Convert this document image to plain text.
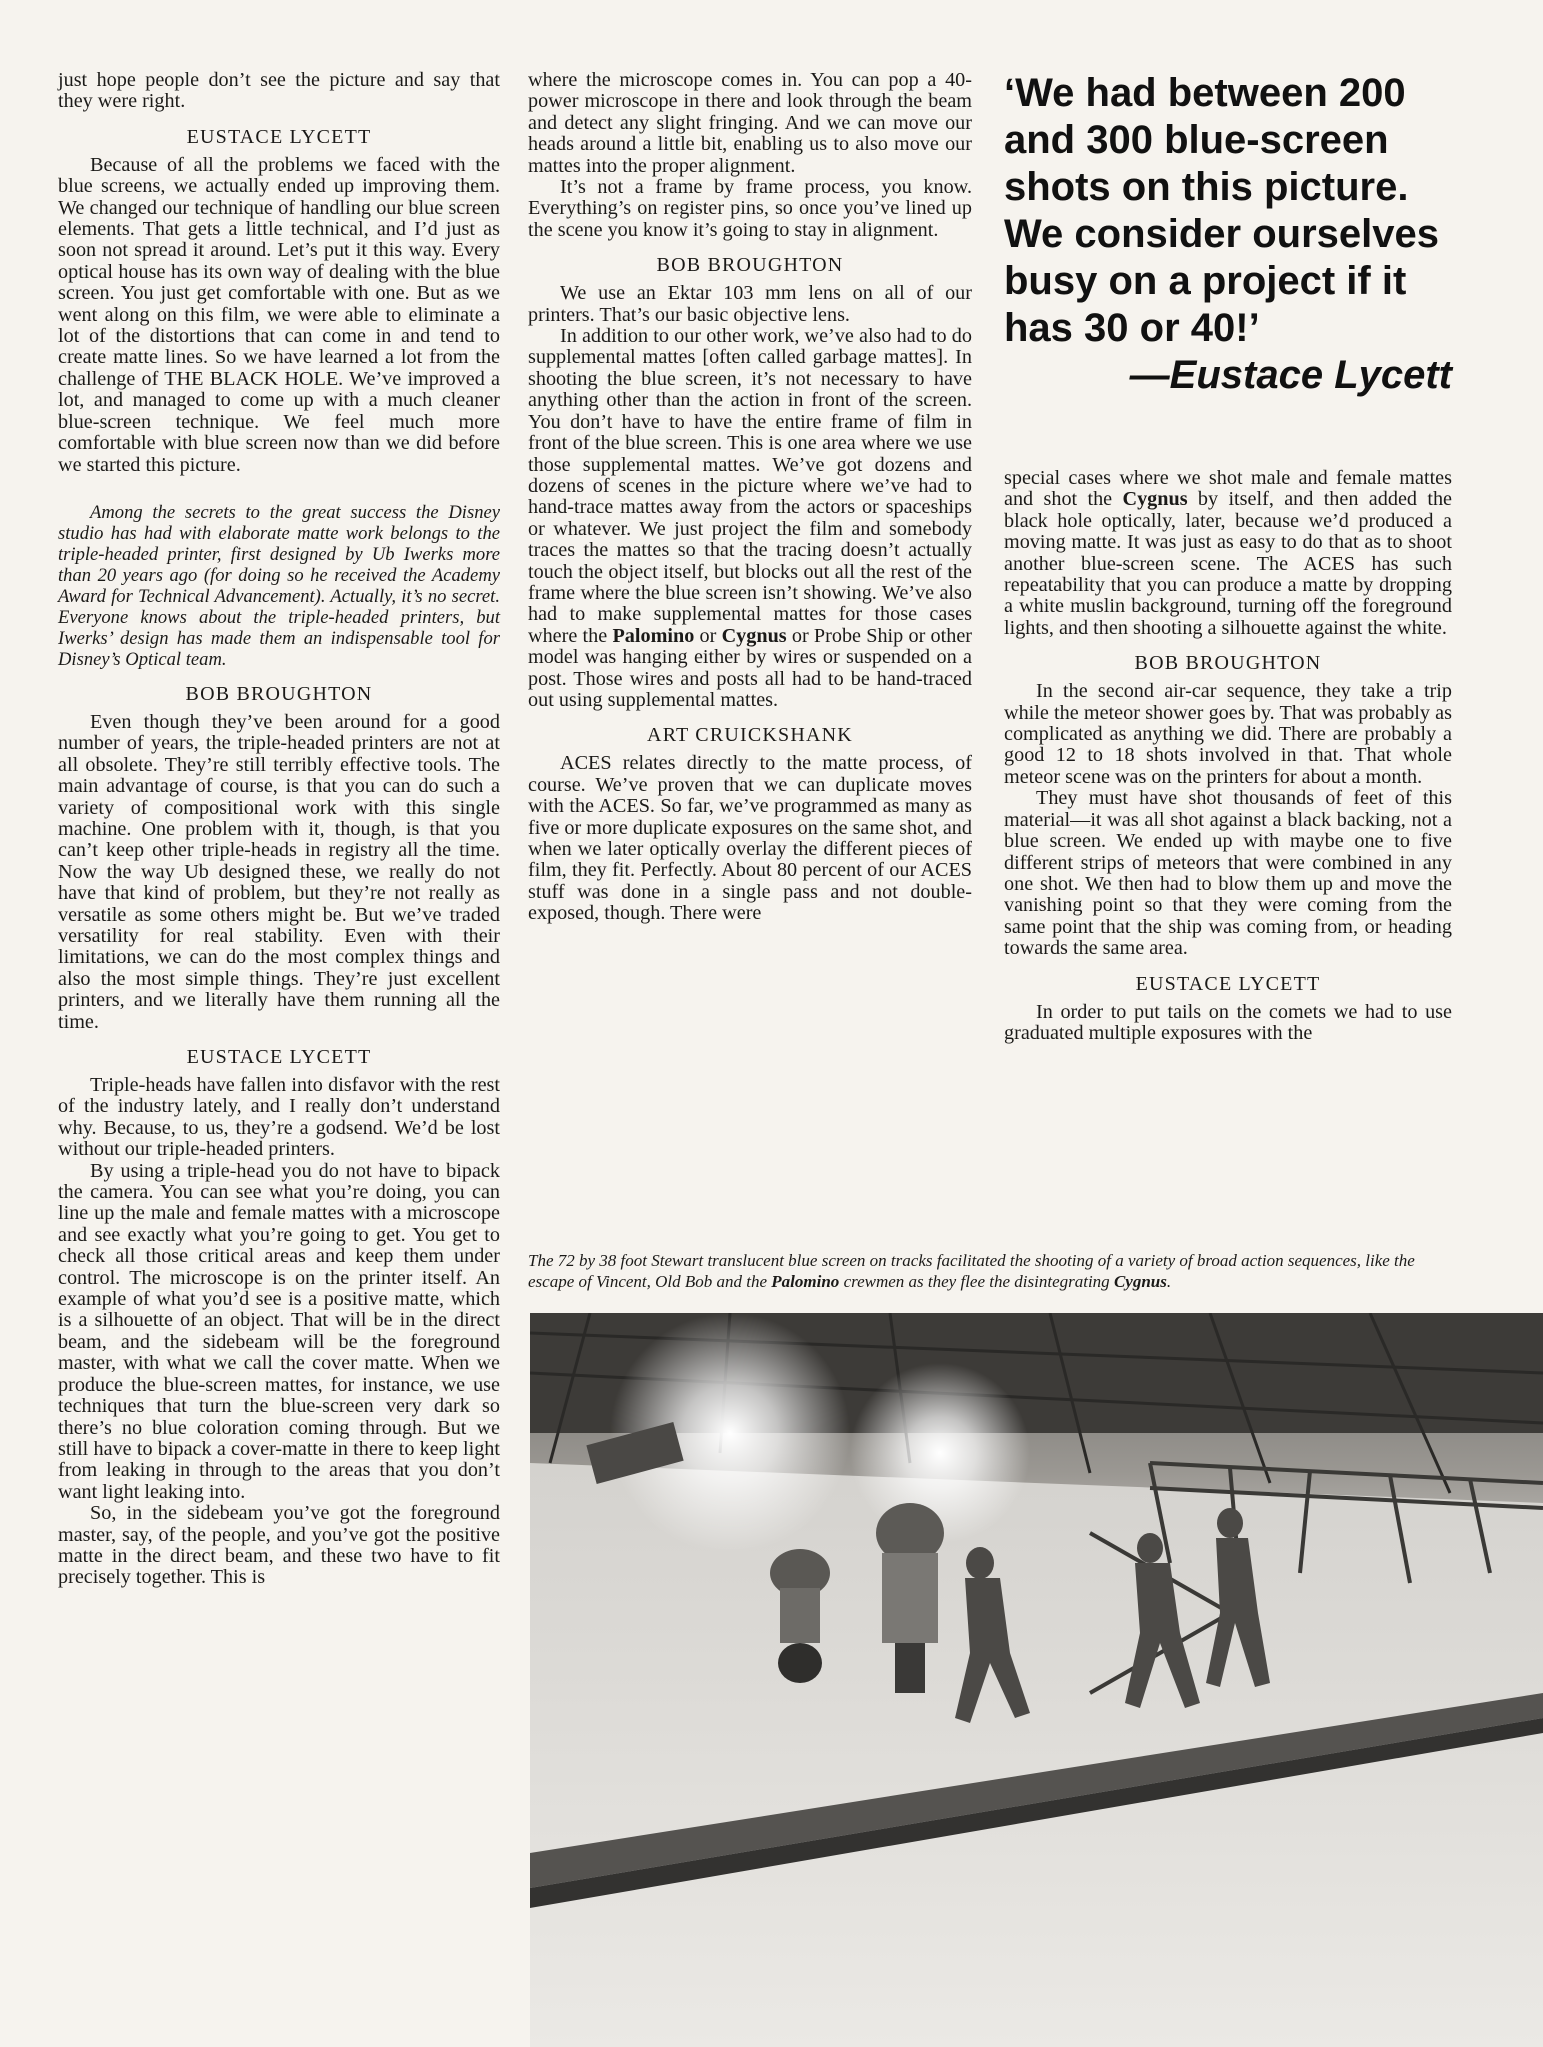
just hope people don’t see the picture and say that they were right.

EUSTACE LYCETT

Because of all the problems we faced with the blue screens, we actually ended up improving them. We changed our technique of handling our blue screen elements. That gets a little technical, and I’d just as soon not spread it around. Let’s put it this way. Every optical house has its own way of dealing with the blue screen. You just get comfortable with one. But as we went along on this film, we were able to eliminate a lot of the distortions that can come in and tend to create matte lines. So we have learned a lot from the challenge of THE BLACK HOLE. We’ve improved a lot, and managed to come up with a much cleaner blue-screen technique. We feel much more comfortable with blue screen now than we did before we started this picture.

Among the secrets to the great success the Disney studio has had with elaborate matte work belongs to the triple-headed printer, first designed by Ub Iwerks more than 20 years ago (for doing so he received the Academy Award for Technical Advancement). Actually, it’s no secret. Everyone knows about the triple-headed printers, but Iwerks’ design has made them an indispensable tool for Disney’s Optical team.

BOB BROUGHTON

Even though they’ve been around for a good number of years, the triple-headed printers are not at all obsolete. They’re still terribly effective tools. The main advantage of course, is that you can do such a variety of compositional work with this single machine. One problem with it, though, is that you can’t keep other triple-heads in registry all the time. Now the way Ub designed these, we really do not have that kind of problem, but they’re not really as versatile as some others might be. But we’ve traded versatility for real stability. Even with their limitations, we can do the most complex things and also the most simple things. They’re just excellent printers, and we literally have them running all the time.

EUSTACE LYCETT

Triple-heads have fallen into disfavor with the rest of the industry lately, and I really don’t understand why. Because, to us, they’re a godsend. We’d be lost without our triple-headed printers.

By using a triple-head you do not have to bipack the camera. You can see what you’re doing, you can line up the male and female mattes with a microscope and see exactly what you’re going to get. You get to check all those critical areas and keep them under control. The microscope is on the printer itself. An example of what you’d see is a positive matte, which is a silhouette of an object. That will be in the direct beam, and the sidebeam will be the foreground master, with what we call the cover matte. When we produce the blue-screen mattes, for instance, we use techniques that turn the blue-screen very dark so there’s no blue coloration coming through. But we still have to bipack a cover-matte in there to keep light from leaking in through to the areas that you don’t want light leaking into.

So, in the sidebeam you’ve got the foreground master, say, of the people, and you’ve got the positive matte in the direct beam, and these two have to fit precisely together. This is

where the microscope comes in. You can pop a 40-power microscope in there and look through the beam and detect any slight fringing. And we can move our heads around a little bit, enabling us to also move our mattes into the proper alignment.

It’s not a frame by frame process, you know. Everything’s on register pins, so once you’ve lined up the scene you know it’s going to stay in alignment.

BOB BROUGHTON

We use an Ektar 103 mm lens on all of our printers. That’s our basic objective lens.

In addition to our other work, we’ve also had to do supplemental mattes [often called garbage mattes]. In shooting the blue screen, it’s not necessary to have anything other than the action in front of the screen. You don’t have to have the entire frame of film in front of the blue screen. This is one area where we use those supplemental mattes. We’ve got dozens and dozens of scenes in the picture where we’ve had to hand-trace mattes away from the actors or spaceships or whatever. We just project the film and somebody traces the mattes so that the tracing doesn’t actually touch the object itself, but blocks out all the rest of the frame where the blue screen isn’t showing. We’ve also had to make supplemental mattes for those cases where the Palomino or Cygnus or Probe Ship or other model was hanging either by wires or suspended on a post. Those wires and posts all had to be hand-traced out using supplemental mattes.

ART CRUICKSHANK

ACES relates directly to the matte process, of course. We’ve proven that we can duplicate moves with the ACES. So far, we’ve programmed as many as five or more duplicate exposures on the same shot, and when we later optically overlay the different pieces of film, they fit. Perfectly. About 80 percent of our ACES stuff was done in a single pass and not double-exposed, though. There were

‘We had between 200 and 300 blue-screen shots on this picture. We consider ourselves busy on a project if it has 30 or 40!’
—Eustace Lycett

special cases where we shot male and female mattes and shot the Cygnus by itself, and then added the black hole optically, later, because we’d produced a moving matte. It was just as easy to do that as to shoot another blue-screen scene. The ACES has such repeatability that you can produce a matte by dropping a white muslin background, turning off the foreground lights, and then shooting a silhouette against the white.

BOB BROUGHTON

In the second air-car sequence, they take a trip while the meteor shower goes by. That was probably as complicated as anything we did. There are probably a good 12 to 18 shots involved in that. That whole meteor scene was on the printers for about a month.

They must have shot thousands of feet of this material—it was all shot against a black backing, not a blue screen. We ended up with maybe one to five different strips of meteors that were combined in any one shot. We then had to blow them up and move the vanishing point so that they were coming from the same point that the ship was coming from, or heading towards the same area.

EUSTACE LYCETT

In order to put tails on the comets we had to use graduated multiple exposures with the

The 72 by 38 foot Stewart translucent blue screen on tracks facilitated the shooting of a variety of broad action sequences, like the escape of Vincent, Old Bob and the Palomino crewmen as they flee the disintegrating Cygnus.
